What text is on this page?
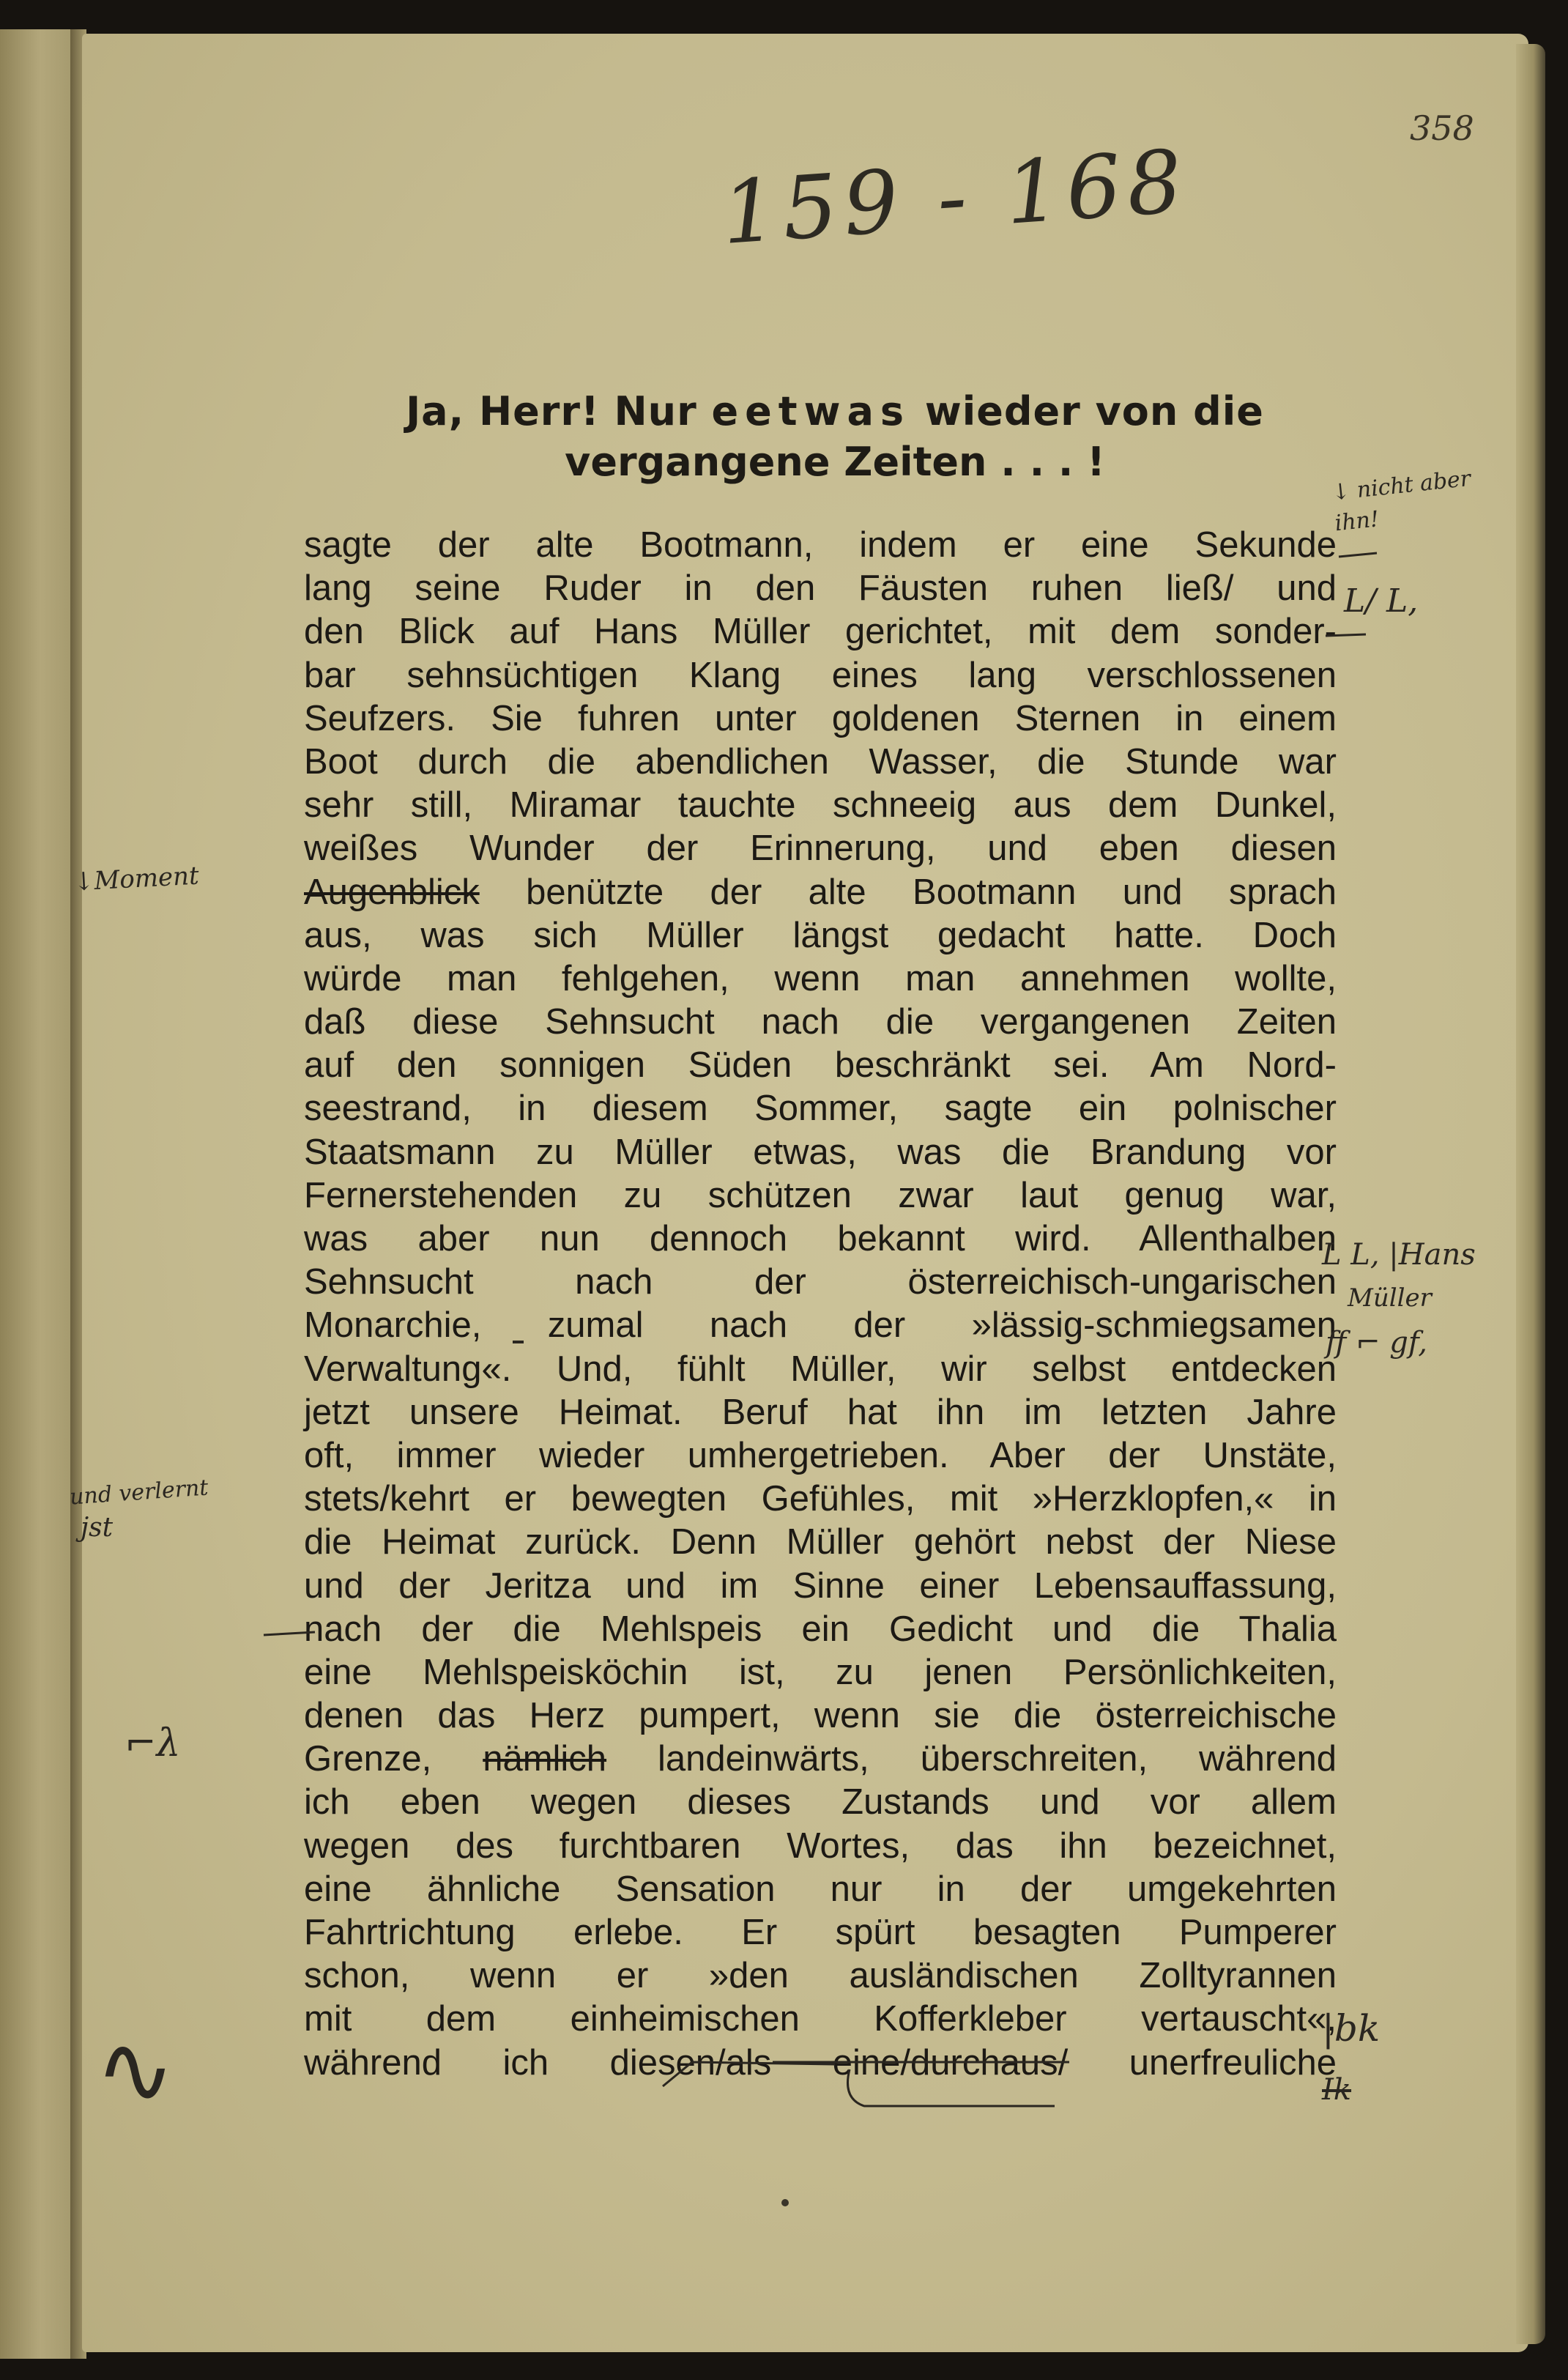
358
159 - 168
Ja, Herr! Nur eetwas wieder von die
vergangene Zeiten . . . !
sagte der alte Bootmann, indem er eine Sekunde
lang seine Ruder in den Fäusten ruhen ließ/ und
den Blick auf Hans Müller gerichtet, mit dem sonder-
bar sehnsüchtigen Klang eines lang verschlossenen
Seufzers. Sie fuhren unter goldenen Sternen in einem
Boot durch die abendlichen Wasser, die Stunde war
sehr still, Miramar tauchte schneeig aus dem Dunkel,
weißes Wunder der Erinnerung, und eben diesen
Augenblick benützte der alte Bootmann und sprach
aus, was sich Müller längst gedacht hatte. Doch
würde man fehlgehen, wenn man annehmen wollte,
daß diese Sehnsucht nach die vergangenen Zeiten
auf den sonnigen Süden beschränkt sei. Am Nord-
seestrand, in diesem Sommer, sagte ein polnischer
Staatsmann zu Müller etwas, was die Brandung vor
Fernerstehenden zu schützen zwar laut genug war,
was aber nun dennoch bekannt wird. Allenthalben
Sehnsucht nach der österreichisch-ungarischen
Monarchie, zumal nach der »lässig-schmiegsamen
Verwaltung«. Und, fühlt Müller, wir selbst entdecken
jetzt unsere Heimat. Beruf hat ihn im letzten Jahre
oft, immer wieder umhergetrieben. Aber der Unstäte,
stets/kehrt er bewegten Gefühles, mit »Herzklopfen,« in
die Heimat zurück. Denn Müller gehört nebst der Niese
und der Jeritza und im Sinne einer Lebensauffassung,
nach der die Mehlspeis ein Gedicht und die Thalia
eine Mehlspeisköchin ist, zu jenen Persönlichkeiten,
denen das Herz pumpert, wenn sie die österreichische
Grenze, nämlich landeinwärts, überschreiten, während
ich eben wegen dieses Zustands und vor allem
wegen des furchtbaren Wortes, das ihn bezeichnet,
eine ähnliche Sensation nur in der umgekehrten
Fahrtrichtung erlebe. Er spürt besagten Pumperer
schon, wenn er »den ausländischen Zolltyrannen
mit dem einheimischen Kofferkleber vertauscht«,
während ich diesen/als eine/durchaus/ unerfreuliche
↓Moment
↓ nicht aber ihn!
L/ L,
L L, |Hans
Müller
ff ⌐ gf,
und verlernt
jst
⌐λ
∿	|bk
Ik
